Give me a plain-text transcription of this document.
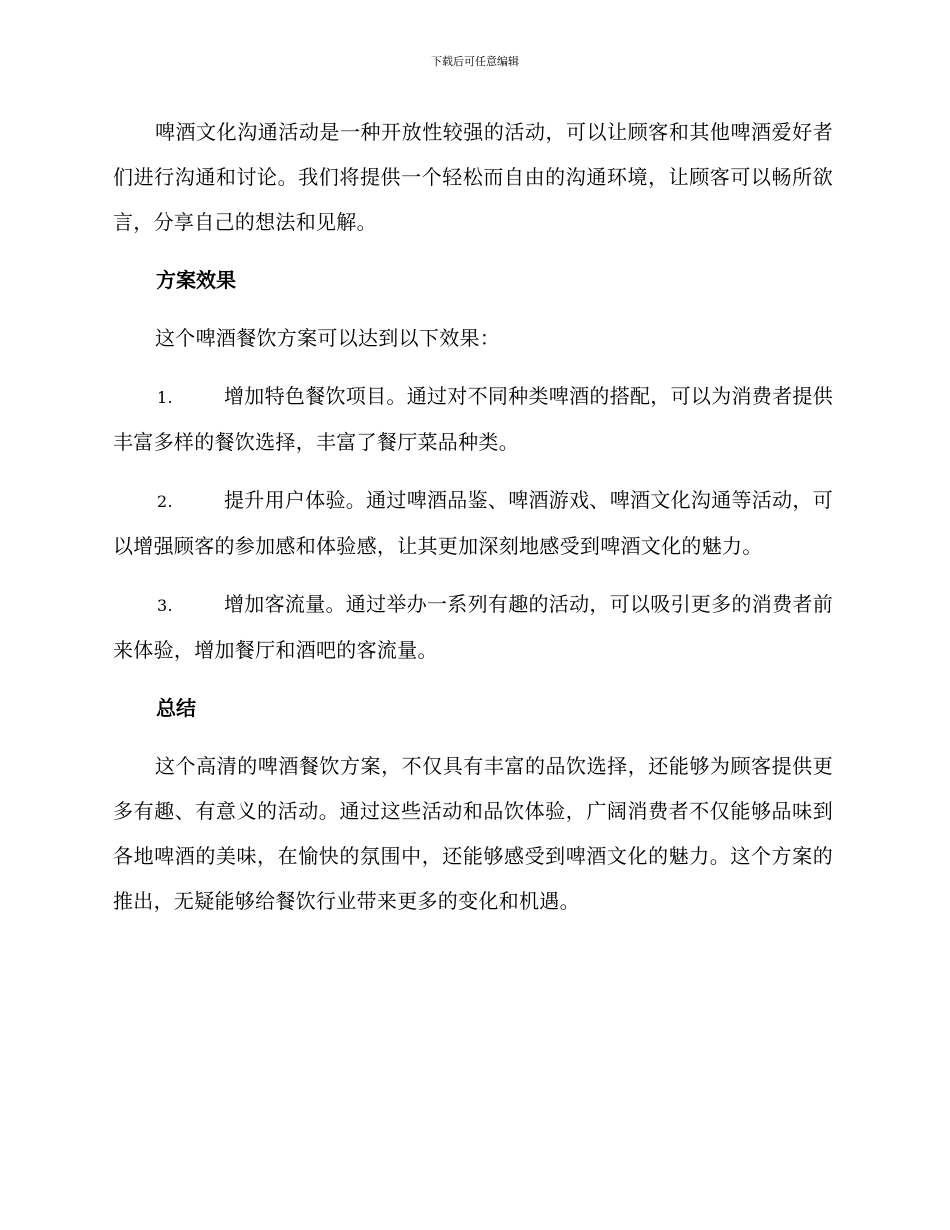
下载后可任意编辑

啤酒文化沟通活动是一种开放性较强的活动，可以让顾客和其他啤酒爱好者们进行沟通和讨论。我们将提供一个轻松而自由的沟通环境，让顾客可以畅所欲言，分享自己的想法和见解。

方案效果

这个啤酒餐饮方案可以达到以下效果：

1.	增加特色餐饮项目。通过对不同种类啤酒的搭配，可以为消费者提供丰富多样的餐饮选择，丰富了餐厅菜品种类。

2.	提升用户体验。通过啤酒品鉴、啤酒游戏、啤酒文化沟通等活动，可以增强顾客的参加感和体验感，让其更加深刻地感受到啤酒文化的魅力。

3.	增加客流量。通过举办一系列有趣的活动，可以吸引更多的消费者前来体验，增加餐厅和酒吧的客流量。

总结

这个高清的啤酒餐饮方案，不仅具有丰富的品饮选择，还能够为顾客提供更多有趣、有意义的活动。通过这些活动和品饮体验，广阔消费者不仅能够品味到各地啤酒的美味，在愉快的氛围中，还能够感受到啤酒文化的魅力。这个方案的推出，无疑能够给餐饮行业带来更多的变化和机遇。
